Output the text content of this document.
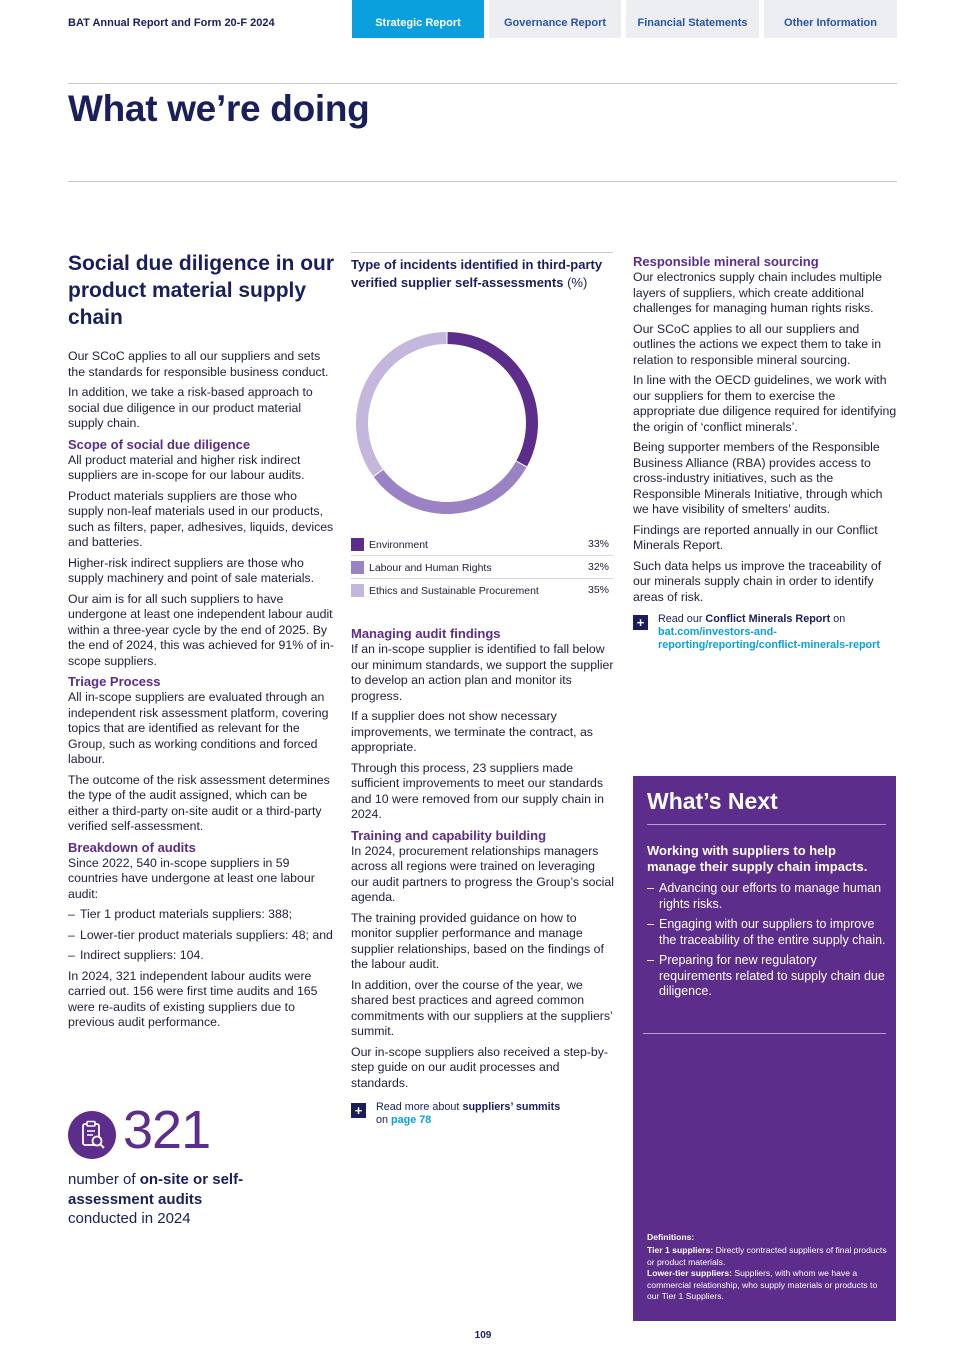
BAT Annual Report and Form 20-F 2024	Strategic Report	Governance Report	Financial Statements	Other Information
What we’re doing
Social due diligence in our product material supply chain

Our SCoC applies to all our suppliers and sets the standards for responsible business conduct.

In addition, we take a risk-based approach to social due diligence in our product material supply chain.

Scope of social due diligence

All product material and higher risk indirect suppliers are in-scope for our labour audits.

Product materials suppliers are those who supply non-leaf materials used in our products, such as filters, paper, adhesives, liquids, devices and batteries.

Higher-risk indirect suppliers are those who supply machinery and point of sale materials.

Our aim is for all such suppliers to have undergone at least one independent labour audit within a three-year cycle by the end of 2025. By the end of 2024, this was achieved for 91% of in-scope suppliers.

Triage Process

All in-scope suppliers are evaluated through an independent risk assessment platform, covering topics that are identified as relevant for the Group, such as working conditions and forced labour.

The outcome of the risk assessment determines the type of the audit assigned, which can be either a third-party on-site audit or a third-party verified self-assessment.

Breakdown of audits

Since 2022, 540 in-scope suppliers in 59 countries have undergone at least one labour audit:

– Tier 1 product materials suppliers: 388;
– Lower-tier product materials suppliers: 48; and
– Indirect suppliers: 104.

In 2024, 321 independent labour audits were carried out. 156 were first time audits and 165 were re-audits of existing suppliers due to previous audit performance.

321
number of on-site or self-assessment audits
conducted in 2024
Type of incidents identified in third-party verified supplier self-assessments (%)
Environment	33%
Labour and Human Rights	32%
Ethics and Sustainable Procurement	35%
Managing audit findings

If an in-scope supplier is identified to fall below our minimum standards, we support the supplier to develop an action plan and monitor its progress.

If a supplier does not show necessary improvements, we terminate the contract, as appropriate.

Through this process, 23 suppliers made sufficient improvements to meet our standards and 10 were removed from our supply chain in 2024.

Training and capability building

In 2024, procurement relationships managers across all regions were trained on leveraging our audit partners to progress the Group’s social agenda.

The training provided guidance on how to monitor supplier performance and manage supplier relationships, based on the findings of the labour audit.

In addition, over the course of the year, we shared best practices and agreed common commitments with our suppliers at the suppliers’ summit.

Our in-scope suppliers also received a step-by-step guide on our audit processes and standards.

+	Read more about suppliers’ summits
on page 78
Responsible mineral sourcing

Our electronics supply chain includes multiple layers of suppliers, which create additional challenges for managing human rights risks.

Our SCoC applies to all our suppliers and outlines the actions we expect them to take in relation to responsible mineral sourcing.

In line with the OECD guidelines, we work with our suppliers for them to exercise the appropriate due diligence required for identifying the origin of ‘conflict minerals’.

Being supporter members of the Responsible Business Alliance (RBA) provides access to cross-industry initiatives, such as the Responsible Minerals Initiative, through which we have visibility of smelters’ audits.

Findings are reported annually in our Conflict Minerals Report.

Such data helps us improve the traceability of our minerals supply chain in order to identify areas of risk.

+	Read our Conflict Minerals Report on
bat.com/investors-and-reporting/reporting/conflict-minerals-report
What’s Next
Working with suppliers to help manage their supply chain impacts.
– Advancing our efforts to manage human rights risks.
– Engaging with our suppliers to improve the traceability of the entire supply chain.
– Preparing for new regulatory requirements related to supply chain due diligence.
Definitions:
Tier 1 suppliers: Directly contracted suppliers of final products or product materials.
Lower-tier suppliers: Suppliers, with whom we have a commercial relationship, who supply materials or products to our Tier 1 Suppliers.
109
